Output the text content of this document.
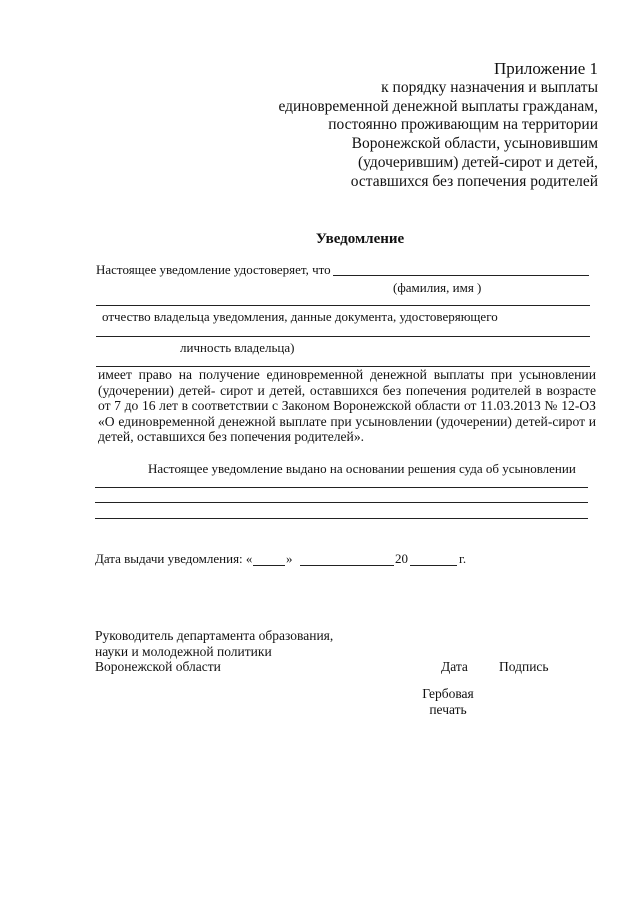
Приложение 1
к порядку назначения и выплаты
единовременной денежной выплаты гражданам,
постоянно проживающим на территории
Воронежской области, усыновившим
(удочерившим) детей-сирот и детей,
оставшихся без попечения родителей
Уведомление
Настоящее уведомление удостоверяет, что
(фамилия, имя )
отчество владельца уведомления, данные документа, удостоверяющего
личность владельца)
имеет право на получение единовременной денежной выплаты при усыновлении (удочерении) детей- сирот и детей, оставшихся без попечения родителей в возрасте от 7 до 16 лет в соответствии с Законом Воронежской области от 11.03.2013 № 12-ОЗ «О единовременной денежной выплате при усыновлении (удочерении) детей-сирот и детей, оставшихся без попечения родителей».
Настоящее уведомление выдано на основании решения суда об усыновлении
Дата выдачи уведомления: «	»	20	г.
Руководитель департамента образования,
науки и молодежной политики
Воронежской области	Дата Подпись
Гербовая
печать
